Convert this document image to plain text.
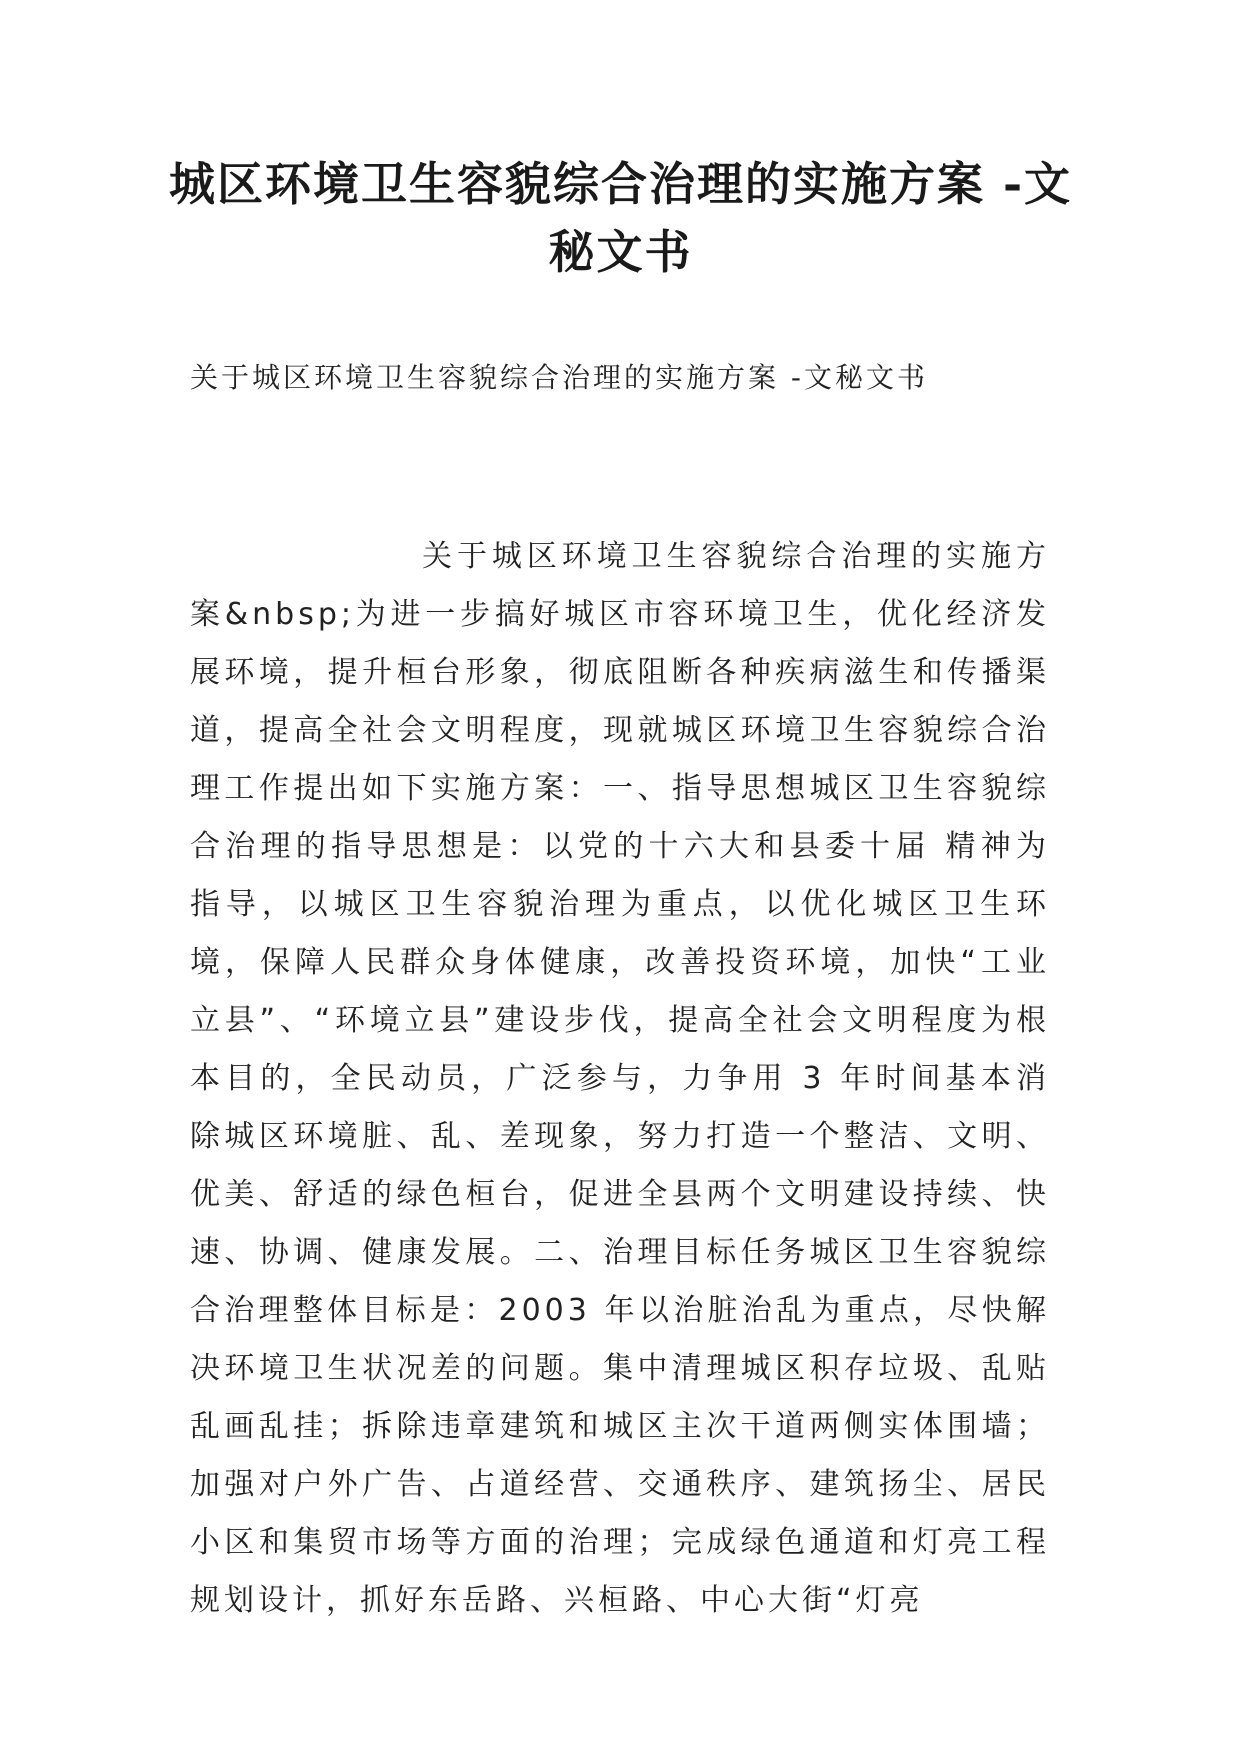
城区环境卫生容貌综合治理的实施方案 -文秘文书

关于城区环境卫生容貌综合治理的实施方案 -文秘文书

关于城区环境卫生容貌综合治理的实施方案&nbsp;为进一步搞好城区市容环境卫生，优化经济发展环境，提升桓台形象，彻底阻断各种疾病滋生和传播渠道，提高全社会文明程度，现就城区环境卫生容貌综合治理工作提出如下实施方案：一、指导思想城区卫生容貌综合治理的指导思想是：以党的十六大和县委十届 精神为指导，以城区卫生容貌治理为重点，以优化城区卫生环境，保障人民群众身体健康，改善投资环境，加快“工业立县”、“环境立县”建设步伐，提高全社会文明程度为根本目的，全民动员，广泛参与，力争用 3 年时间基本消除城区环境脏、乱、差现象，努力打造一个整洁、文明、优美、舒适的绿色桓台，促进全县两个文明建设持续、快速、协调、健康发展。二、治理目标任务城区卫生容貌综合治理整体目标是：2003 年以治脏治乱为重点，尽快解决环境卫生状况差的问题。集中清理城区积存垃圾、乱贴乱画乱挂；拆除违章建筑和城区主次干道两侧实体围墙；加强对户外广告、占道经营、交通秩序、建筑扬尘、居民小区和集贸市场等方面的治理；完成绿色通道和灯亮工程规划设计，抓好东岳路、兴桓路、中心大街“灯亮
